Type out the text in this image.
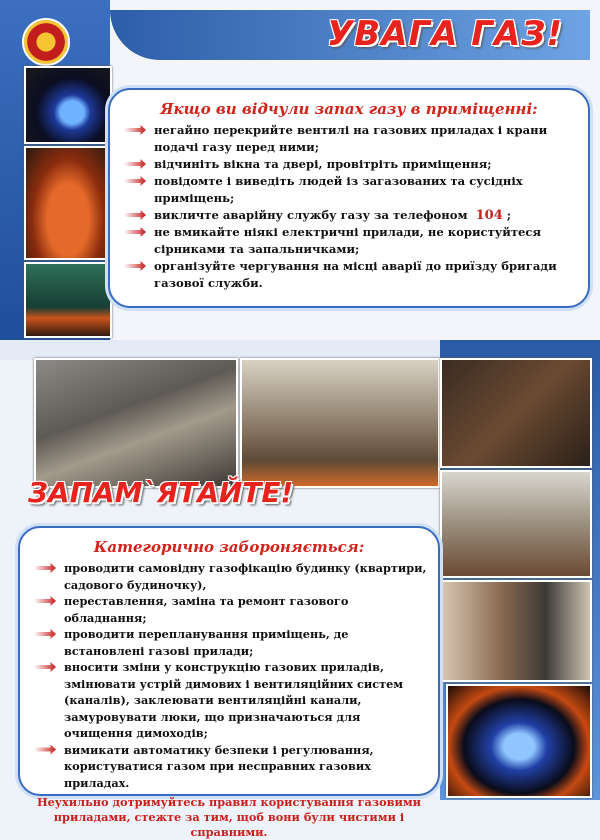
УВАГА ГАЗ!
Якщо ви відчули запах газу в приміщенні:
негайно перекрийте вентилі на газових приладах і крани подачі газу перед ними;
відчиніть вікна та двері, провітріть приміщення;
повідомте і виведіть людей із загазованих та сусідніх приміщень;
викличте аварійну службу газу за телефоном 104 ;
не вмикайте ніякі електричні прилади, не користуйтеся сірниками та запальничками;
організуйте чергування на місці аварії до приїзду бригади газової служби.
ЗАПАМ`ЯТАЙТЕ!
Категорично забороняється:
проводити самовідну газофікацію будинку (квартири, садового будиночку),
переставлення, заміна та ремонт газового обладнання;
проводити перепланування приміщень, де встановлені газові прилади;
вносити зміни у конструкцію газових приладів, змінювати устрій димових і вентиляційних систем (каналів), заклеювати вентиляційні канали, замуровувати люки, що призначаються для очищення димоходів;
вимикати автоматику безпеки і регулювання, користуватися газом при несправних газових приладах.
Неухильно дотримуйтесь правил користування газовими приладами, стежте за тим, щоб вони були чистими і справними.
